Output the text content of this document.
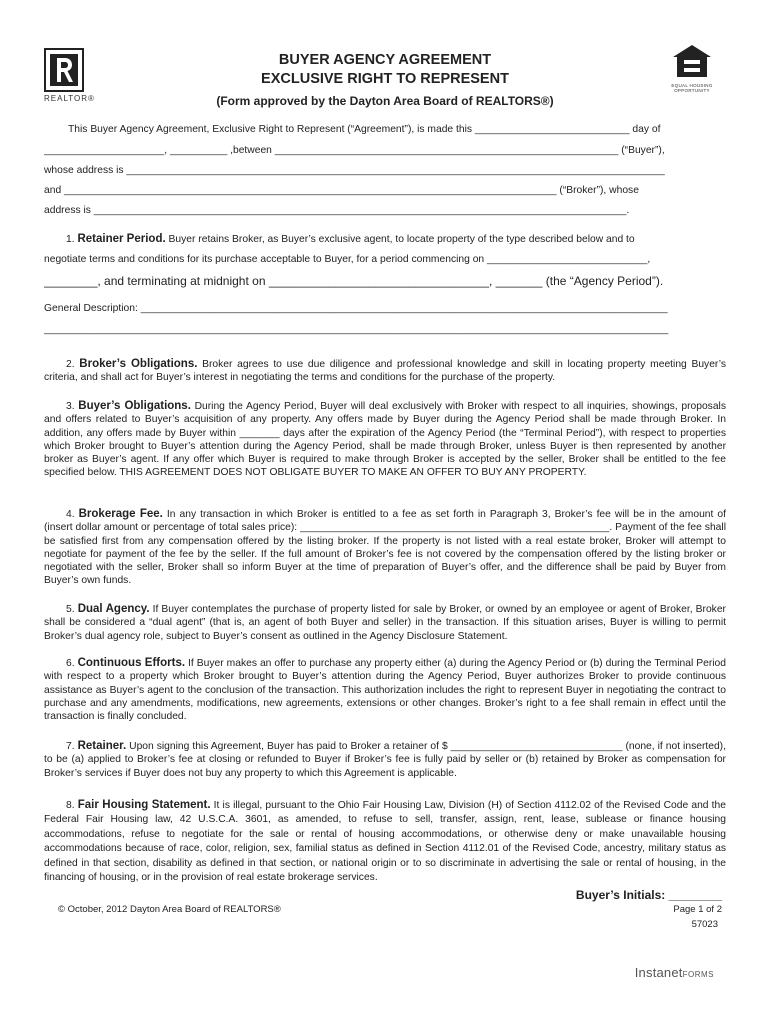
REALTOR®
EQUAL HOUSING
OPPORTUNITY
BUYER AGENCY AGREEMENT
EXCLUSIVE RIGHT TO REPRESENT
(Form approved by the Dayton Area Board of REALTORS®)
This Buyer Agency Agreement, Exclusive Right to Represent (“Agreement”), is made this ___________________________ day of
_____________________, __________ ,between ____________________________________________________________ (“Buyer”),
whose address is ______________________________________________________________________________________________
and ______________________________________________________________________________________ (“Broker”), whose
address is _____________________________________________________________________________________________.
1. Retainer Period. Buyer retains Broker, as Buyer’s exclusive agent, to locate property of the type described below and to
negotiate terms and conditions for its purchase acceptable to Buyer, for a period commencing on ____________________________,
________, and terminating at midnight on _________________________________, _______ (the “Agency Period”).
General Description: ____________________________________________________________________________________________
_____________________________________________________________________________________________________________
2. Broker’s Obligations. Broker agrees to use due diligence and professional knowledge and skill in locating property meeting Buyer’s criteria, and shall act for Buyer’s interest in negotiating the terms and conditions for the purchase of the property.
3. Buyer’s Obligations. During the Agency Period, Buyer will deal exclusively with Broker with respect to all inquiries, showings, proposals and offers related to Buyer’s acquisition of any property. Any offers made by Buyer during the Agency Period shall be made through Broker. In addition, any offers made by Buyer within _______ days after the expiration of the Agency Period (the “Terminal Period”), with respect to properties which Broker brought to Buyer’s attention during the Agency Period, shall be made through Broker, unless Buyer is then represented by another broker as Buyer’s agent. If any offer which Buyer is required to make through Broker is accepted by the seller, Broker shall be entitled to the fee specified below. THIS AGREEMENT DOES NOT OBLIGATE BUYER TO MAKE AN OFFER TO BUY ANY PROPERTY.
4. Brokerage Fee. In any transaction in which Broker is entitled to a fee as set forth in Paragraph 3, Broker’s fee will be in the amount of (insert dollar amount or percentage of total sales price): ______________________________________________________. Payment of the fee shall be satisfied first from any compensation offered by the listing broker. If the property is not listed with a real estate broker, Broker will attempt to negotiate for payment of the fee by the seller. If the full amount of Broker’s fee is not covered by the compensation offered by the listing broker or negotiated with the seller, Broker shall so inform Buyer at the time of preparation of Buyer’s offer, and the difference shall be paid by Buyer from Buyer’s own funds.
5. Dual Agency. If Buyer contemplates the purchase of property listed for sale by Broker, or owned by an employee or agent of Broker, Broker shall be considered a “dual agent” (that is, an agent of both Buyer and seller) in the transaction. If this situation arises, Buyer is willing to permit Broker’s dual agency role, subject to Buyer’s consent as outlined in the Agency Disclosure Statement.
6. Continuous Efforts. If Buyer makes an offer to purchase any property either (a) during the Agency Period or (b) during the Terminal Period with respect to a property which Broker brought to Buyer’s attention during the Agency Period, Buyer authorizes Broker to provide continuous assistance as Buyer’s agent to the conclusion of the transaction. This authorization includes the right to represent Buyer in negotiating the contract to purchase and any amendments, modifications, new agreements, extensions or other changes. Broker’s right to a fee shall remain in effect until the transaction is finally concluded.
7. Retainer. Upon signing this Agreement, Buyer has paid to Broker a retainer of $ ______________________________ (none, if not inserted), to be (a) applied to Broker’s fee at closing or refunded to Buyer if Broker’s fee is fully paid by seller or (b) retained by Broker as compensation for Broker’s services if Buyer does not buy any property to which this Agreement is applicable.
8. Fair Housing Statement. It is illegal, pursuant to the Ohio Fair Housing Law, Division (H) of Section 4112.02 of the Revised Code and the Federal Fair Housing law, 42 U.S.C.A. 3601, as amended, to refuse to sell, transfer, assign, rent, lease, sublease or finance housing accommodations, refuse to negotiate for the sale or rental of housing accommodations, or otherwise deny or make unavailable housing accommodations because of race, color, religion, sex, familial status as defined in Section 4112.01 of the Revised Code, ancestry, military status as defined in that section, disability as defined in that section, or national origin or to so discriminate in advertising the sale or rental of housing, in the financing of housing, or in the provision of real estate brokerage services.
Buyer’s Initials: ________
© October, 2012 Dayton Area Board of REALTORS®	Page 1 of 2
57023
InstanetFORMS
